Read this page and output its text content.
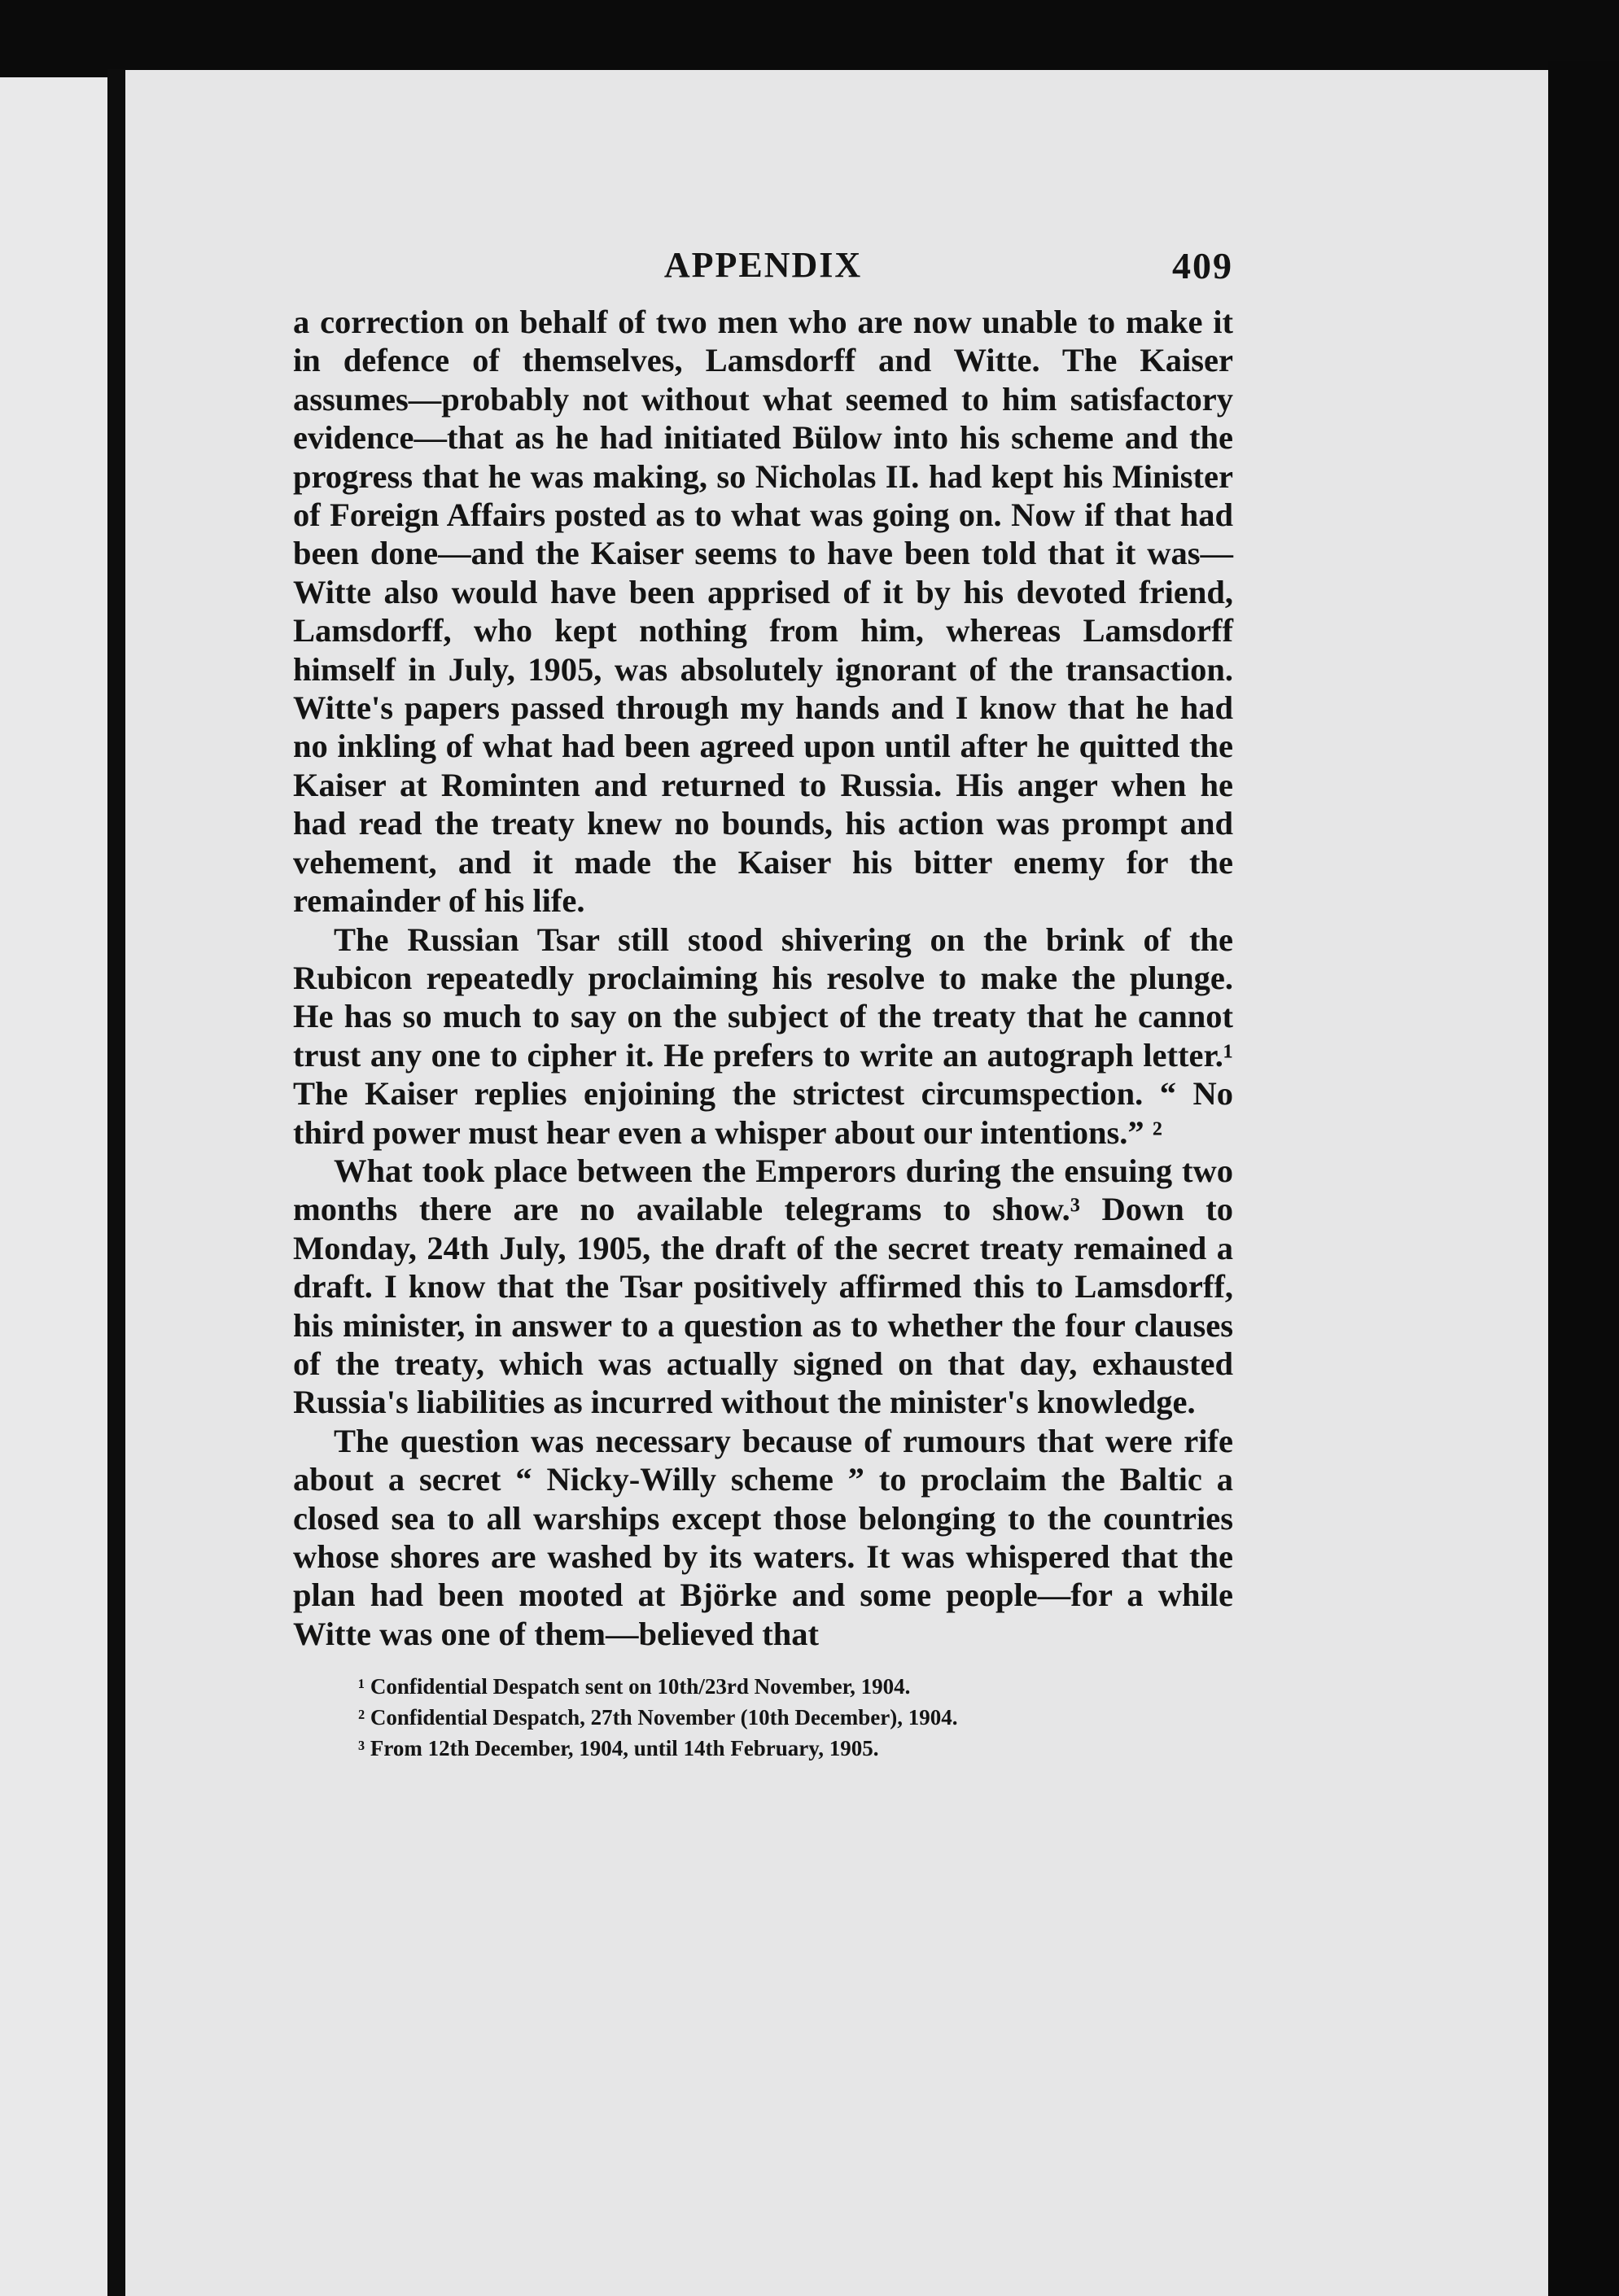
APPENDIX	409

a correction on behalf of two men who are now unable to make it in defence of themselves, Lamsdorff and Witte. The Kaiser assumes—probably not without what seemed to him satisfactory evidence—that as he had initiated Bülow into his scheme and the progress that he was making, so Nicholas II. had kept his Minister of Foreign Affairs posted as to what was going on. Now if that had been done—and the Kaiser seems to have been told that it was—Witte also would have been apprised of it by his devoted friend, Lamsdorff, who kept nothing from him, whereas Lamsdorff himself in July, 1905, was absolutely ignorant of the transaction. Witte's papers passed through my hands and I know that he had no inkling of what had been agreed upon until after he quitted the Kaiser at Rominten and returned to Russia. His anger when he had read the treaty knew no bounds, his action was prompt and vehement, and it made the Kaiser his bitter enemy for the remainder of his life.

The Russian Tsar still stood shivering on the brink of the Rubicon repeatedly proclaiming his resolve to make the plunge. He has so much to say on the subject of the treaty that he cannot trust any one to cipher it. He prefers to write an autograph letter.¹ The Kaiser replies enjoining the strictest circumspection. “ No third power must hear even a whisper about our intentions.” ²

What took place between the Emperors during the ensuing two months there are no available telegrams to show.³ Down to Monday, 24th July, 1905, the draft of the secret treaty remained a draft. I know that the Tsar positively affirmed this to Lamsdorff, his minister, in answer to a question as to whether the four clauses of the treaty, which was actually signed on that day, exhausted Russia's liabilities as incurred without the minister's knowledge.

The question was necessary because of rumours that were rife about a secret “ Nicky-Willy scheme ” to proclaim the Baltic a closed sea to all warships except those belonging to the countries whose shores are washed by its waters. It was whispered that the plan had been mooted at Björke and some people—for a while Witte was one of them—believed that

¹ Confidential Despatch sent on 10th/23rd November, 1904.

² Confidential Despatch, 27th November (10th December), 1904.

³ From 12th December, 1904, until 14th February, 1905.
